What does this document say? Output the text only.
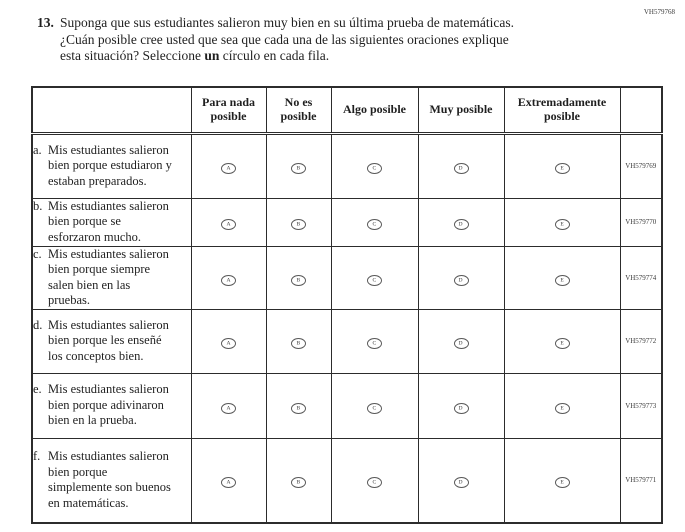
VH579768
13. Suponga que sus estudiantes salieron muy bien en su última prueba de matemáticas.
¿Cuán posible cree usted que sea que cada una de las siguientes oraciones explique
esta situación? Seleccione un círculo en cada fila.
	Para nada posible	No es posible	Algo posible	Muy posible	Extremadamente posible	

a. Mis estudiantes salieron bien porque estudiaron y estaban preparados.	A	B	C	D	E	VH579769

b. Mis estudiantes salieron bien porque se esforzaron mucho.	A	B	C	D	E	VH579770

c. Mis estudiantes salieron bien porque siempre salen bien en las pruebas.	A	B	C	D	E	VH579774

d. Mis estudiantes salieron bien porque les enseñé los conceptos bien.	A	B	C	D	E	VH579772

e. Mis estudiantes salieron bien porque adivinaron bien en la prueba.	A	B	C	D	E	VH579773

f. Mis estudiantes salieron bien porque simplemente son buenos en matemáticas.	A	B	C	D	E	VH579771
